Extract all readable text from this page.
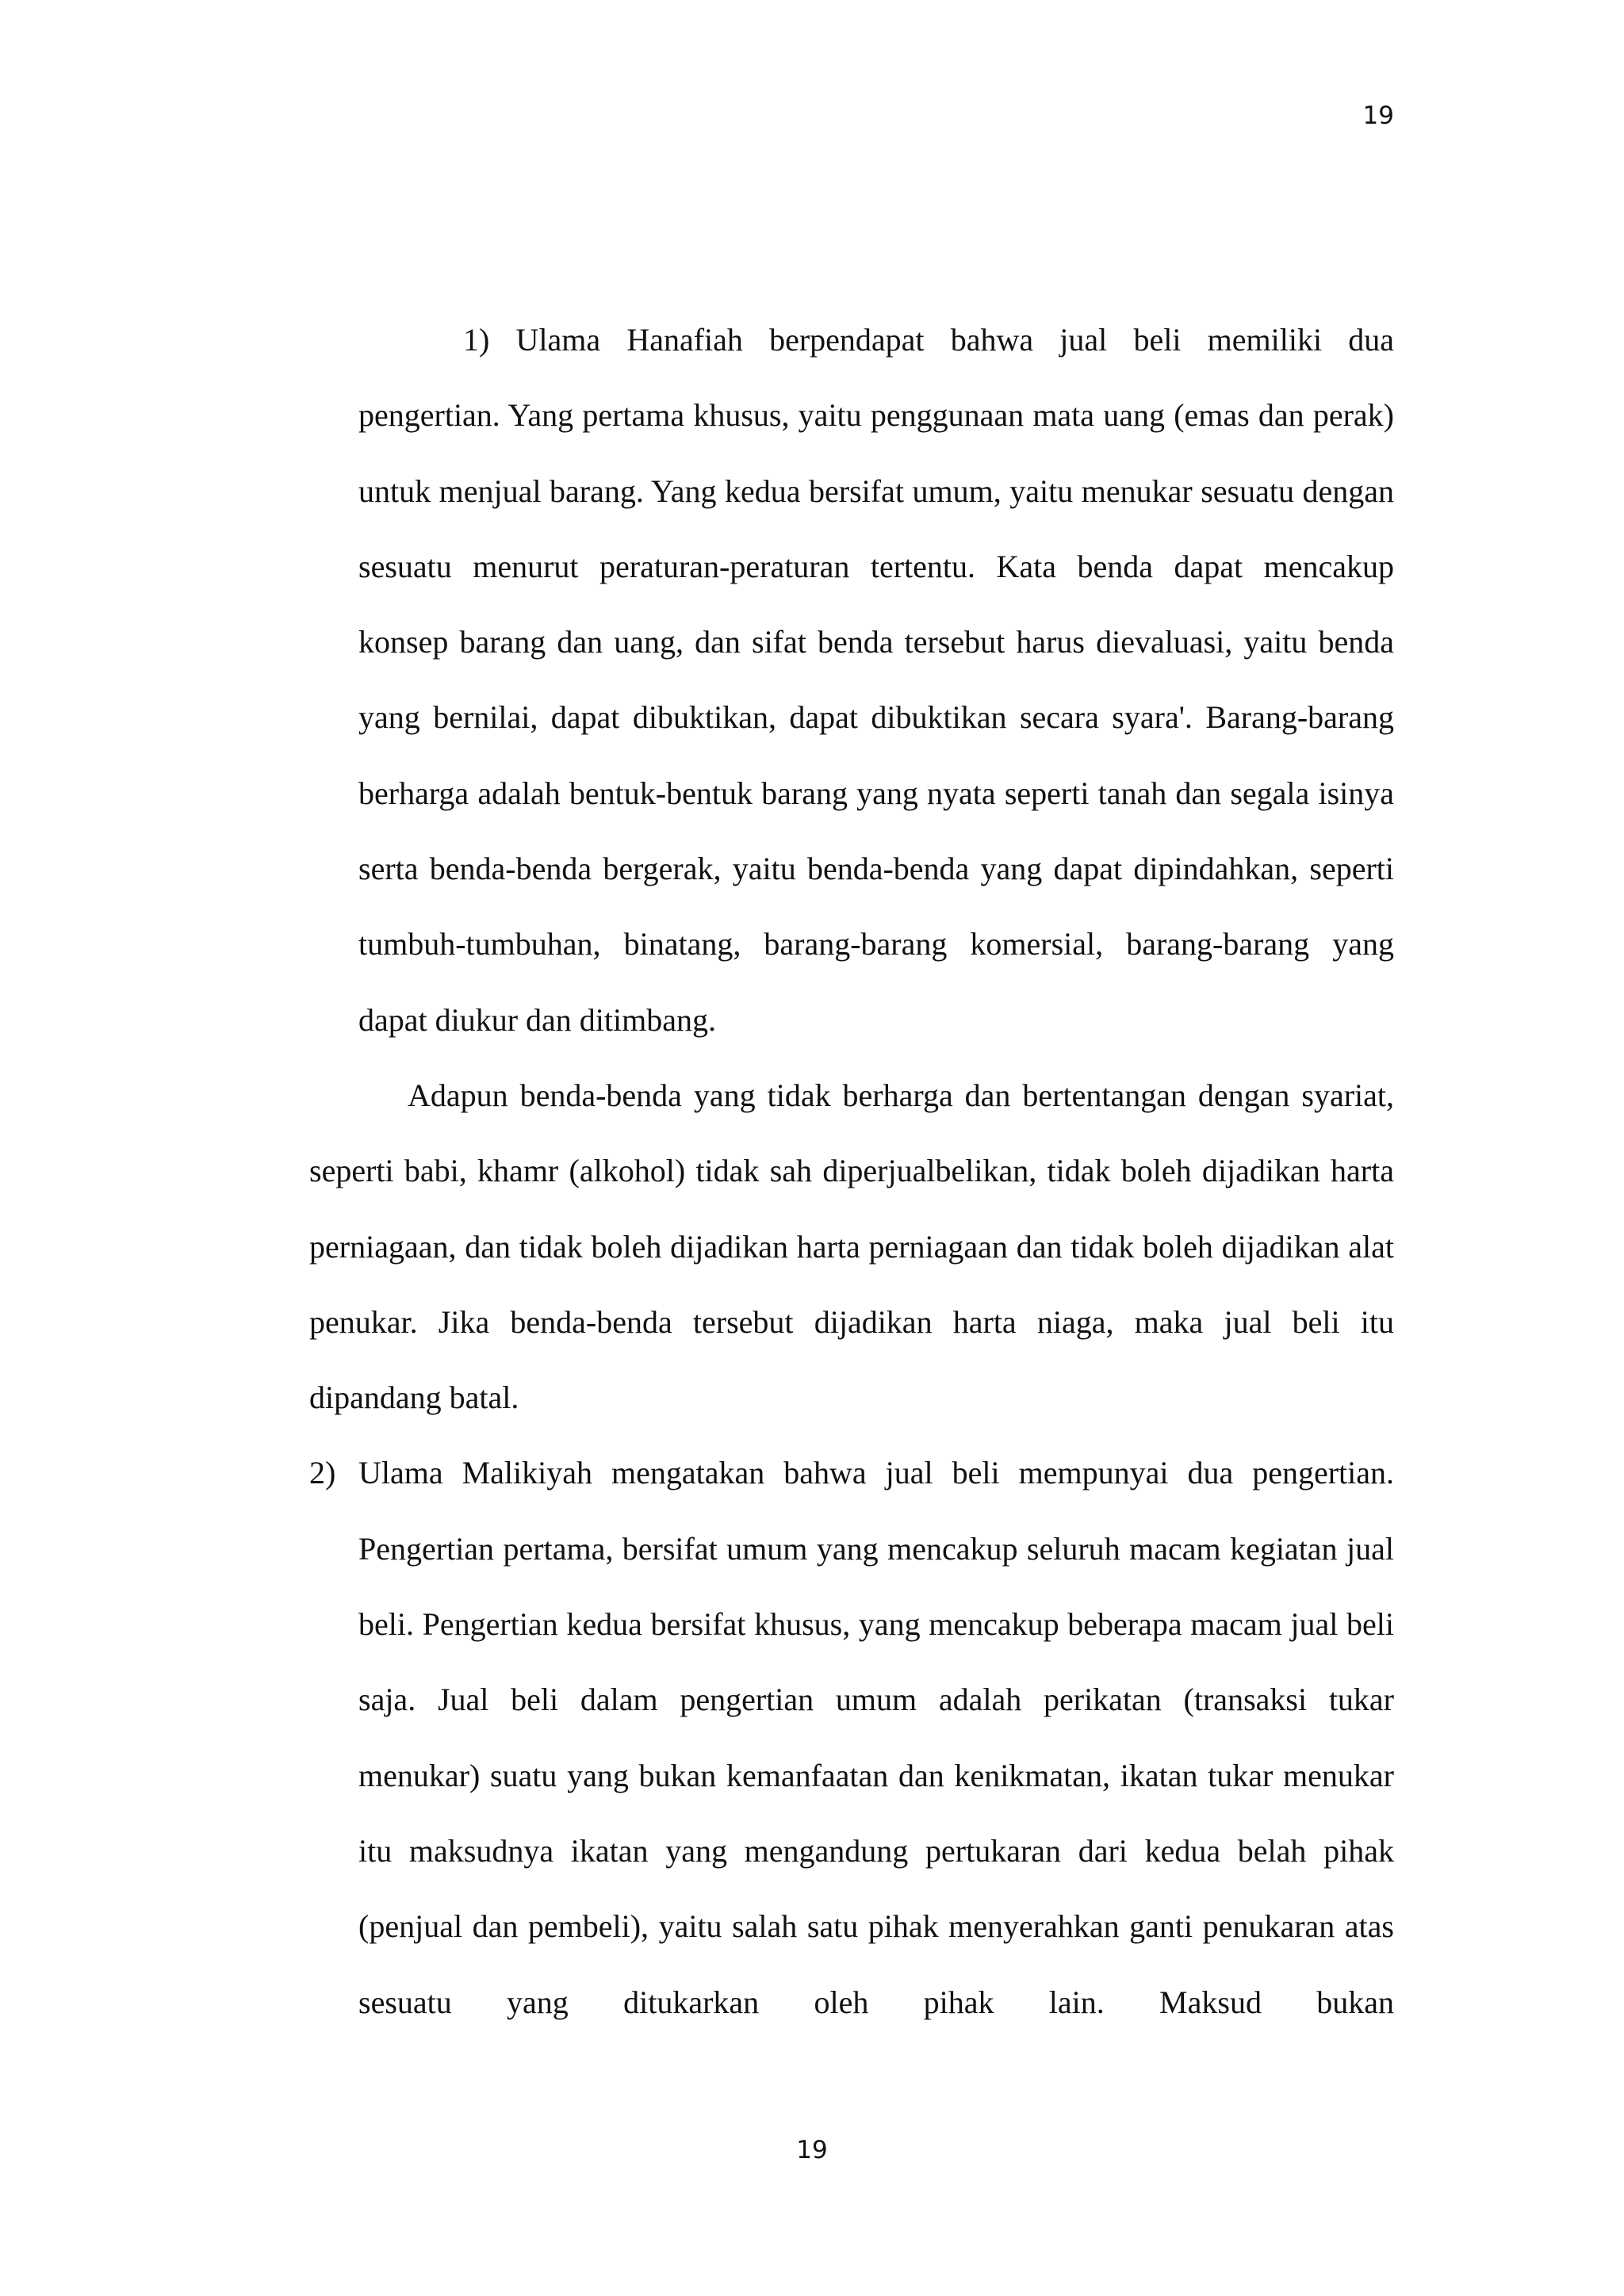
19

1) Ulama Hanafiah berpendapat bahwa jual beli memiliki dua pengertian. Yang pertama khusus, yaitu penggunaan mata uang (emas dan perak) untuk menjual barang. Yang kedua bersifat umum, yaitu menukar sesuatu dengan sesuatu menurut peraturan-peraturan tertentu. Kata benda dapat mencakup konsep barang dan uang, dan sifat benda tersebut harus dievaluasi, yaitu benda yang bernilai, dapat dibuktikan, dapat dibuktikan secara syara'. Barang-barang berharga adalah bentuk-bentuk barang yang nyata seperti tanah dan segala isinya serta benda-benda bergerak, yaitu benda-benda yang dapat dipindahkan, seperti tumbuh-tumbuhan, binatang, barang-barang komersial, barang-barang yang dapat diukur dan ditimbang.

Adapun benda-benda yang tidak berharga dan bertentangan dengan syariat, seperti babi, khamr (alkohol) tidak sah diperjualbelikan, tidak boleh dijadikan harta perniagaan, dan tidak boleh dijadikan harta perniagaan dan tidak boleh dijadikan alat penukar. Jika benda-benda tersebut dijadikan harta niaga, maka jual beli itu dipandang batal.

2) Ulama Malikiyah mengatakan bahwa jual beli mempunyai dua pengertian. Pengertian pertama, bersifat umum yang mencakup seluruh macam kegiatan jual beli. Pengertian kedua bersifat khusus, yang mencakup beberapa macam jual beli saja. Jual beli dalam pengertian umum adalah perikatan (transaksi tukar menukar) suatu yang bukan kemanfaatan dan kenikmatan, ikatan tukar menukar itu maksudnya ikatan yang mengandung pertukaran dari kedua belah pihak (penjual dan pembeli), yaitu salah satu pihak menyerahkan ganti penukaran atas sesuatu yang ditukarkan oleh pihak lain. Maksud bukan
19
